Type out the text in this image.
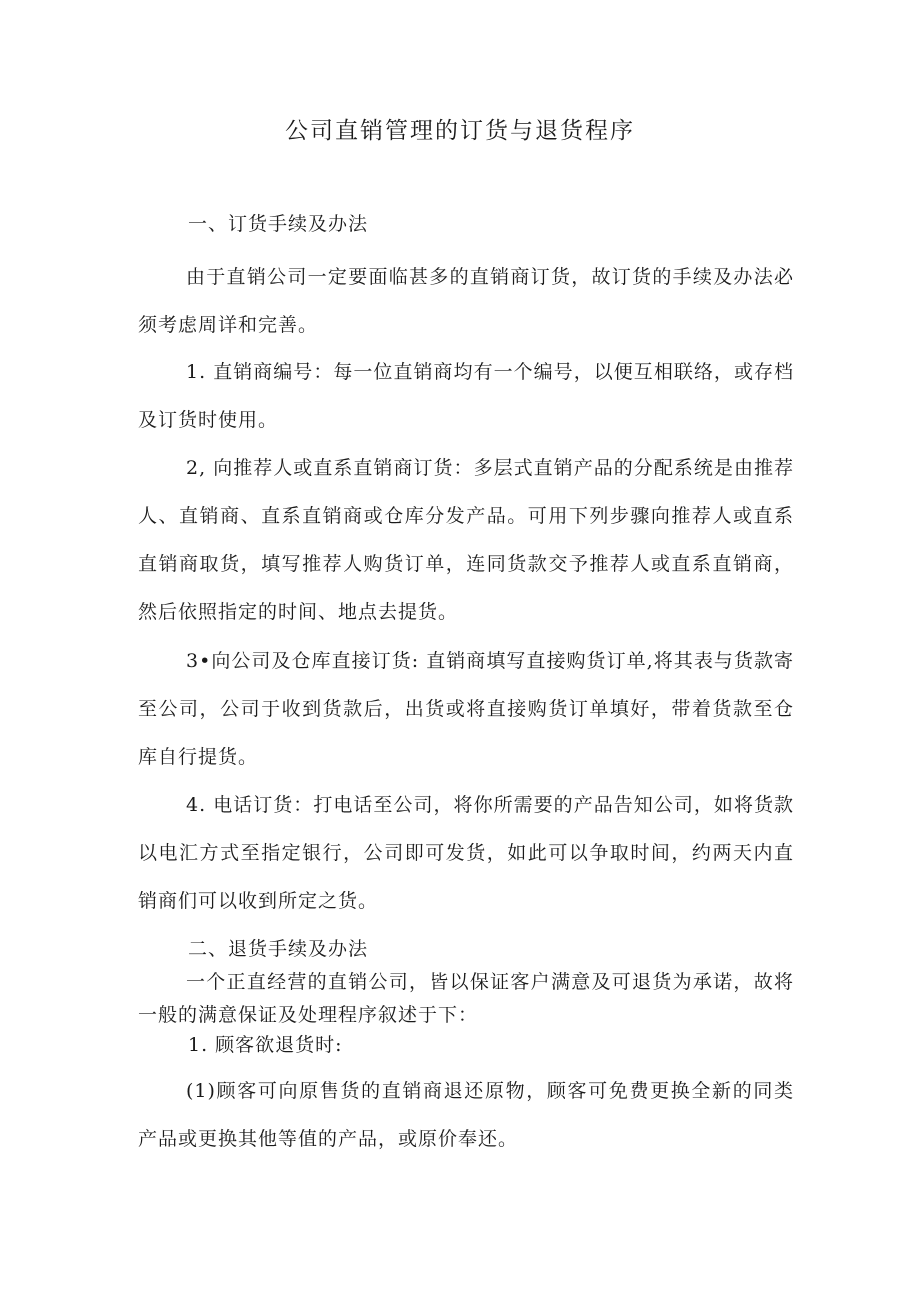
公司直销管理的订货与退货程序
一、订货手续及办法

由于直销公司一定要面临甚多的直销商订货，故订货的手续及办法必须考虑周详和完善。

1. 直销商编号：每一位直销商均有一个编号，以便互相联络，或存档及订货时使用。

2, 向推荐人或直系直销商订货：多层式直销产品的分配系统是由推荐人、直销商、直系直销商或仓库分发产品。可用下列步骤向推荐人或直系直销商取货，填写推荐人购货订单，连同货款交予推荐人或直系直销商，然后依照指定的时间、地点去提货。

3•向公司及仓库直接订货: 直销商填写直接购货订单,将其表与货款寄至公司，公司于收到货款后，出货或将直接购货订单填好，带着货款至仓库自行提货。

4. 电话订货：打电话至公司，将你所需要的产品告知公司，如将货款以电汇方式至指定银行，公司即可发货，如此可以争取时间，约两天内直销商们可以收到所定之货。

二、退货手续及办法

一个正直经营的直销公司，皆以保证客户满意及可退货为承诺，故将一般的满意保证及处理程序叙述于下：

1. 顾客欲退货时:

(1)顾客可向原售货的直销商退还原物，顾客可免费更换全新的同类产品或更换其他等值的产品，或原价奉还。
